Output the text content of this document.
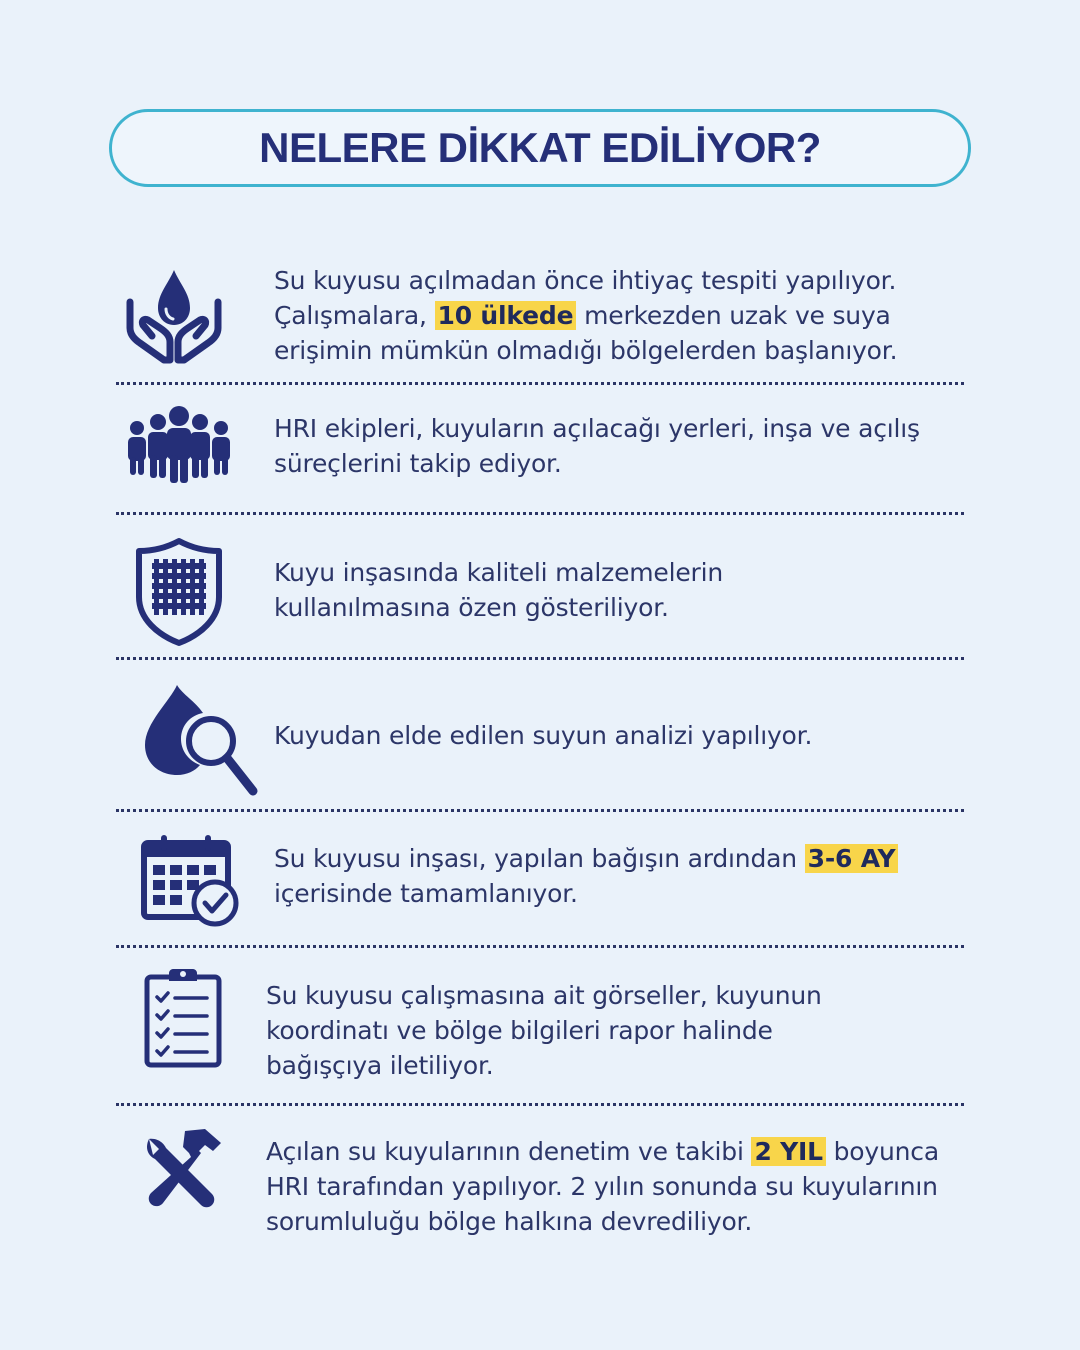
NELERE DİKKAT EDİLİYOR?
Su kuyusu açılmadan önce ihtiyaç tespiti yapılıyor. Çalışmalara, 10 ülkede merkezden uzak ve suya erişimin mümkün olmadığı bölgelerden başlanıyor.
HRI ekipleri, kuyuların açılacağı yerleri, inşa ve açılış süreçlerini takip ediyor.
Kuyu inşasında kaliteli malzemelerin kullanılmasına özen gösteriliyor.
Kuyudan elde edilen suyun analizi yapılıyor.
Su kuyusu inşası, yapılan bağışın ardından 3-6 AY içerisinde tamamlanıyor.
Su kuyusu çalışmasına ait görseller, kuyunun koordinatı ve bölge bilgileri rapor halinde bağışçıya iletiliyor.
Açılan su kuyularının denetim ve takibi 2 YIL boyunca HRI tarafından yapılıyor. 2 yılın sonunda su kuyularının sorumluluğu bölge halkına devrediliyor.
